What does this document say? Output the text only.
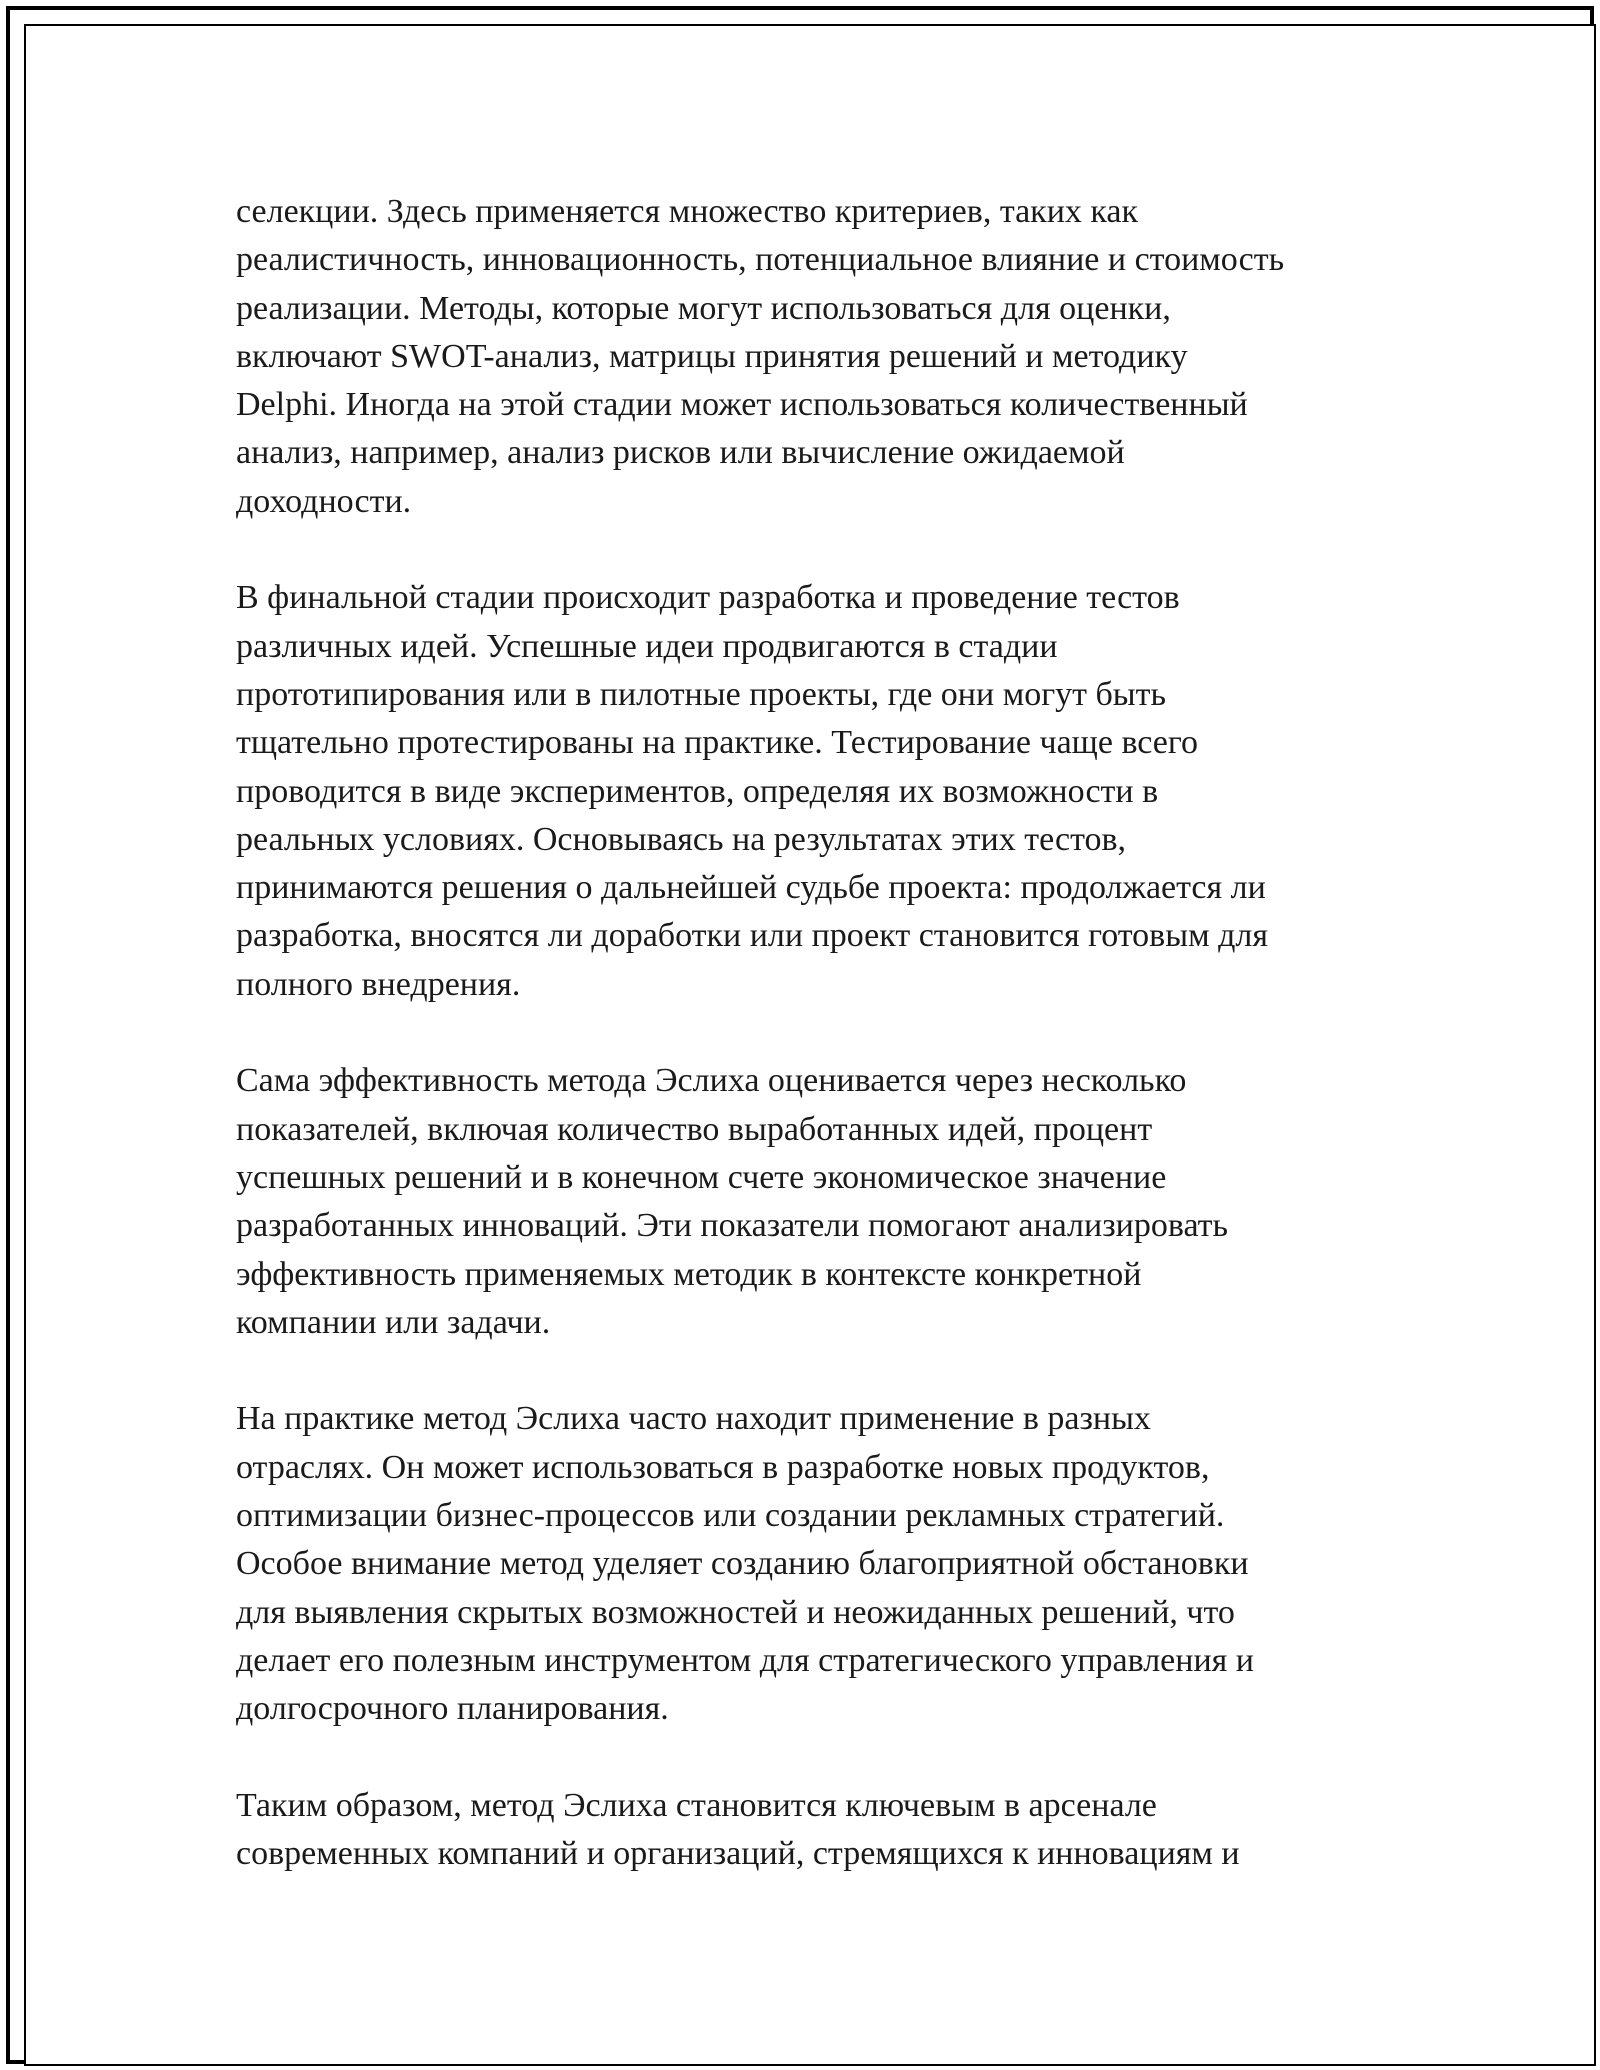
селекции. Здесь применяется множество критериев, таких как
реалистичность, инновационность, потенциальное влияние и стоимость
реализации. Методы, которые могут использоваться для оценки,
включают SWOT-анализ, матрицы принятия решений и методику
Delphi. Иногда на этой стадии может использоваться количественный
анализ, например, анализ рисков или вычисление ожидаемой
доходности.

В финальной стадии происходит разработка и проведение тестов
различных идей. Успешные идеи продвигаются в стадии
прототипирования или в пилотные проекты, где они могут быть
тщательно протестированы на практике. Тестирование чаще всего
проводится в виде экспериментов, определяя их возможности в
реальных условиях. Основываясь на результатах этих тестов,
принимаются решения о дальнейшей судьбе проекта: продолжается ли
разработка, вносятся ли доработки или проект становится готовым для
полного внедрения.

Сама эффективность метода Эслиха оценивается через несколько
показателей, включая количество выработанных идей, процент
успешных решений и в конечном счете экономическое значение
разработанных инноваций. Эти показатели помогают анализировать
эффективность применяемых методик в контексте конкретной
компании или задачи.

На практике метод Эслиха часто находит применение в разных
отраслях. Он может использоваться в разработке новых продуктов,
оптимизации бизнес-процессов или создании рекламных стратегий.
Особое внимание метод уделяет созданию благоприятной обстановки
для выявления скрытых возможностей и неожиданных решений, что
делает его полезным инструментом для стратегического управления и
долгосрочного планирования.

Таким образом, метод Эслиха становится ключевым в арсенале
современных компаний и организаций, стремящихся к инновациям и
